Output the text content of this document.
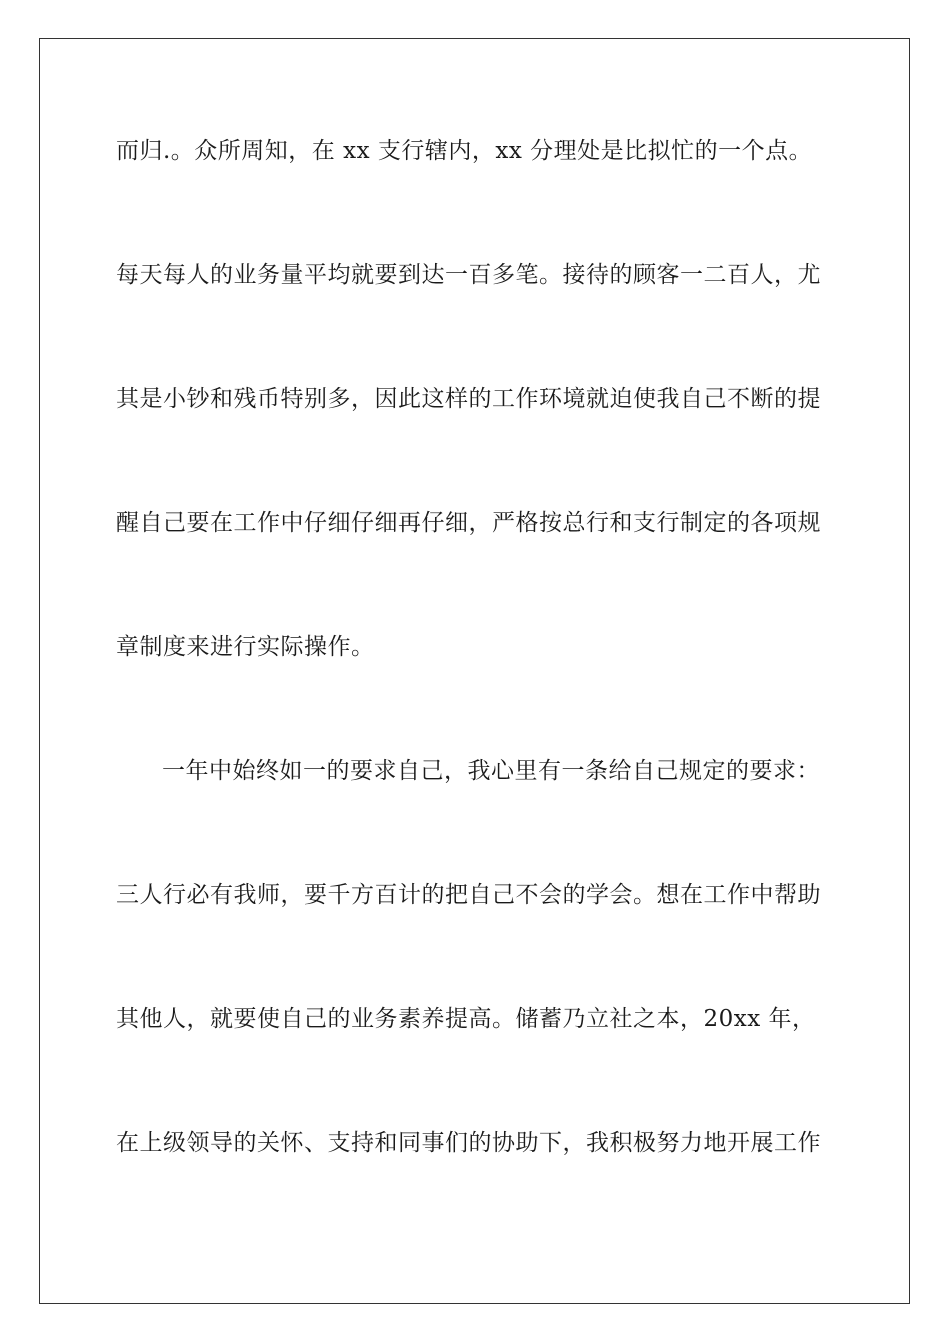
而归.。众所周知，在 xx 支行辖内，xx 分理处是比拟忙的一个点。
每天每人的业务量平均就要到达一百多笔。接待的顾客一二百人，尤
其是小钞和残币特别多，因此这样的工作环境就迫使我自己不断的提
醒自己要在工作中仔细仔细再仔细，严格按总行和支行制定的各项规
章制度来进行实际操作。
一年中始终如一的要求自己，我心里有一条给自己规定的要求：
三人行必有我师，要千方百计的把自己不会的学会。想在工作中帮助
其他人，就要使自己的业务素养提高。储蓄乃立社之本，20xx 年，
在上级领导的关怀、支持和同事们的协助下，我积极努力地开展工作
